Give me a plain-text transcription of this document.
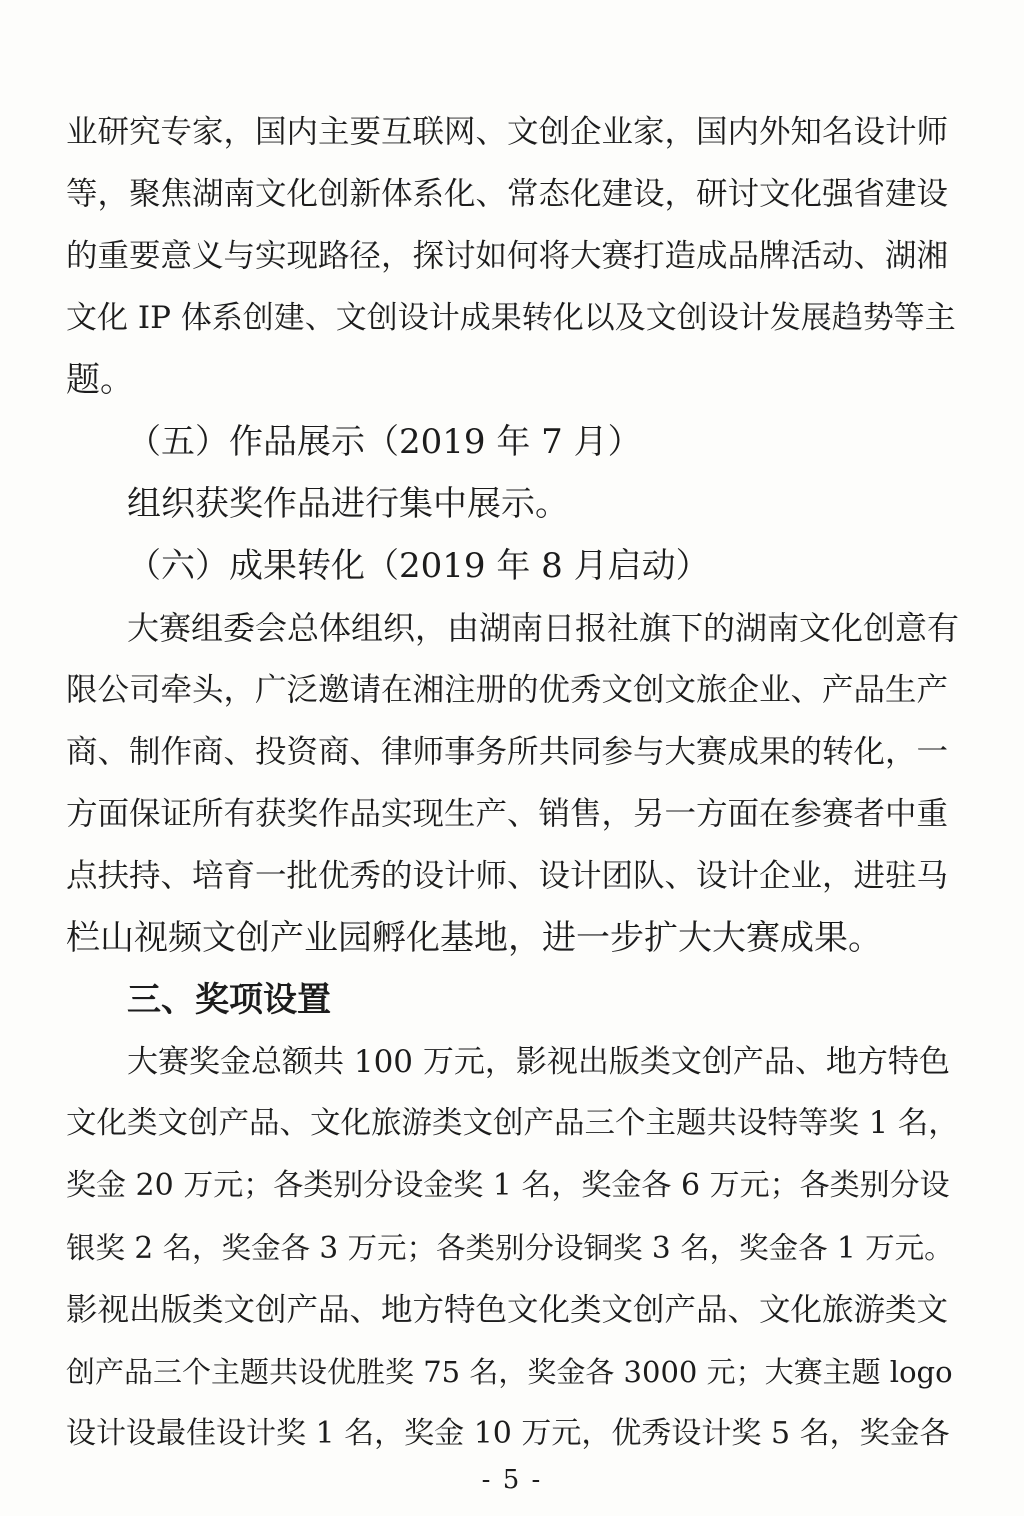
业研究专家，国内主要互联网、文创企业家，国内外知名设计师
等，聚焦湖南文化创新体系化、常态化建设，研讨文化强省建设
的重要意义与实现路径，探讨如何将大赛打造成品牌活动、湖湘
文化 IP 体系创建、文创设计成果转化以及文创设计发展趋势等主
题。
（五）作品展示（2019 年 7 月）
组织获奖作品进行集中展示。
（六）成果转化（2019 年 8 月启动）
大赛组委会总体组织，由湖南日报社旗下的湖南文化创意有
限公司牵头，广泛邀请在湘注册的优秀文创文旅企业、产品生产
商、制作商、投资商、律师事务所共同参与大赛成果的转化，一
方面保证所有获奖作品实现生产、销售，另一方面在参赛者中重
点扶持、培育一批优秀的设计师、设计团队、设计企业，进驻马
栏山视频文创产业园孵化基地，进一步扩大大赛成果。
三、奖项设置
大赛奖金总额共 100 万元，影视出版类文创产品、地方特色
文化类文创产品、文化旅游类文创产品三个主题共设特等奖 1 名，
奖金 20 万元；各类别分设金奖 1 名，奖金各 6 万元；各类别分设
银奖 2 名，奖金各 3 万元；各类别分设铜奖 3 名，奖金各 1 万元。
影视出版类文创产品、地方特色文化类文创产品、文化旅游类文
创产品三个主题共设优胜奖 75 名，奖金各 3000 元；大赛主题 logo
设计设最佳设计奖 1 名，奖金 10 万元，优秀设计奖 5 名，奖金各
- 5 -
